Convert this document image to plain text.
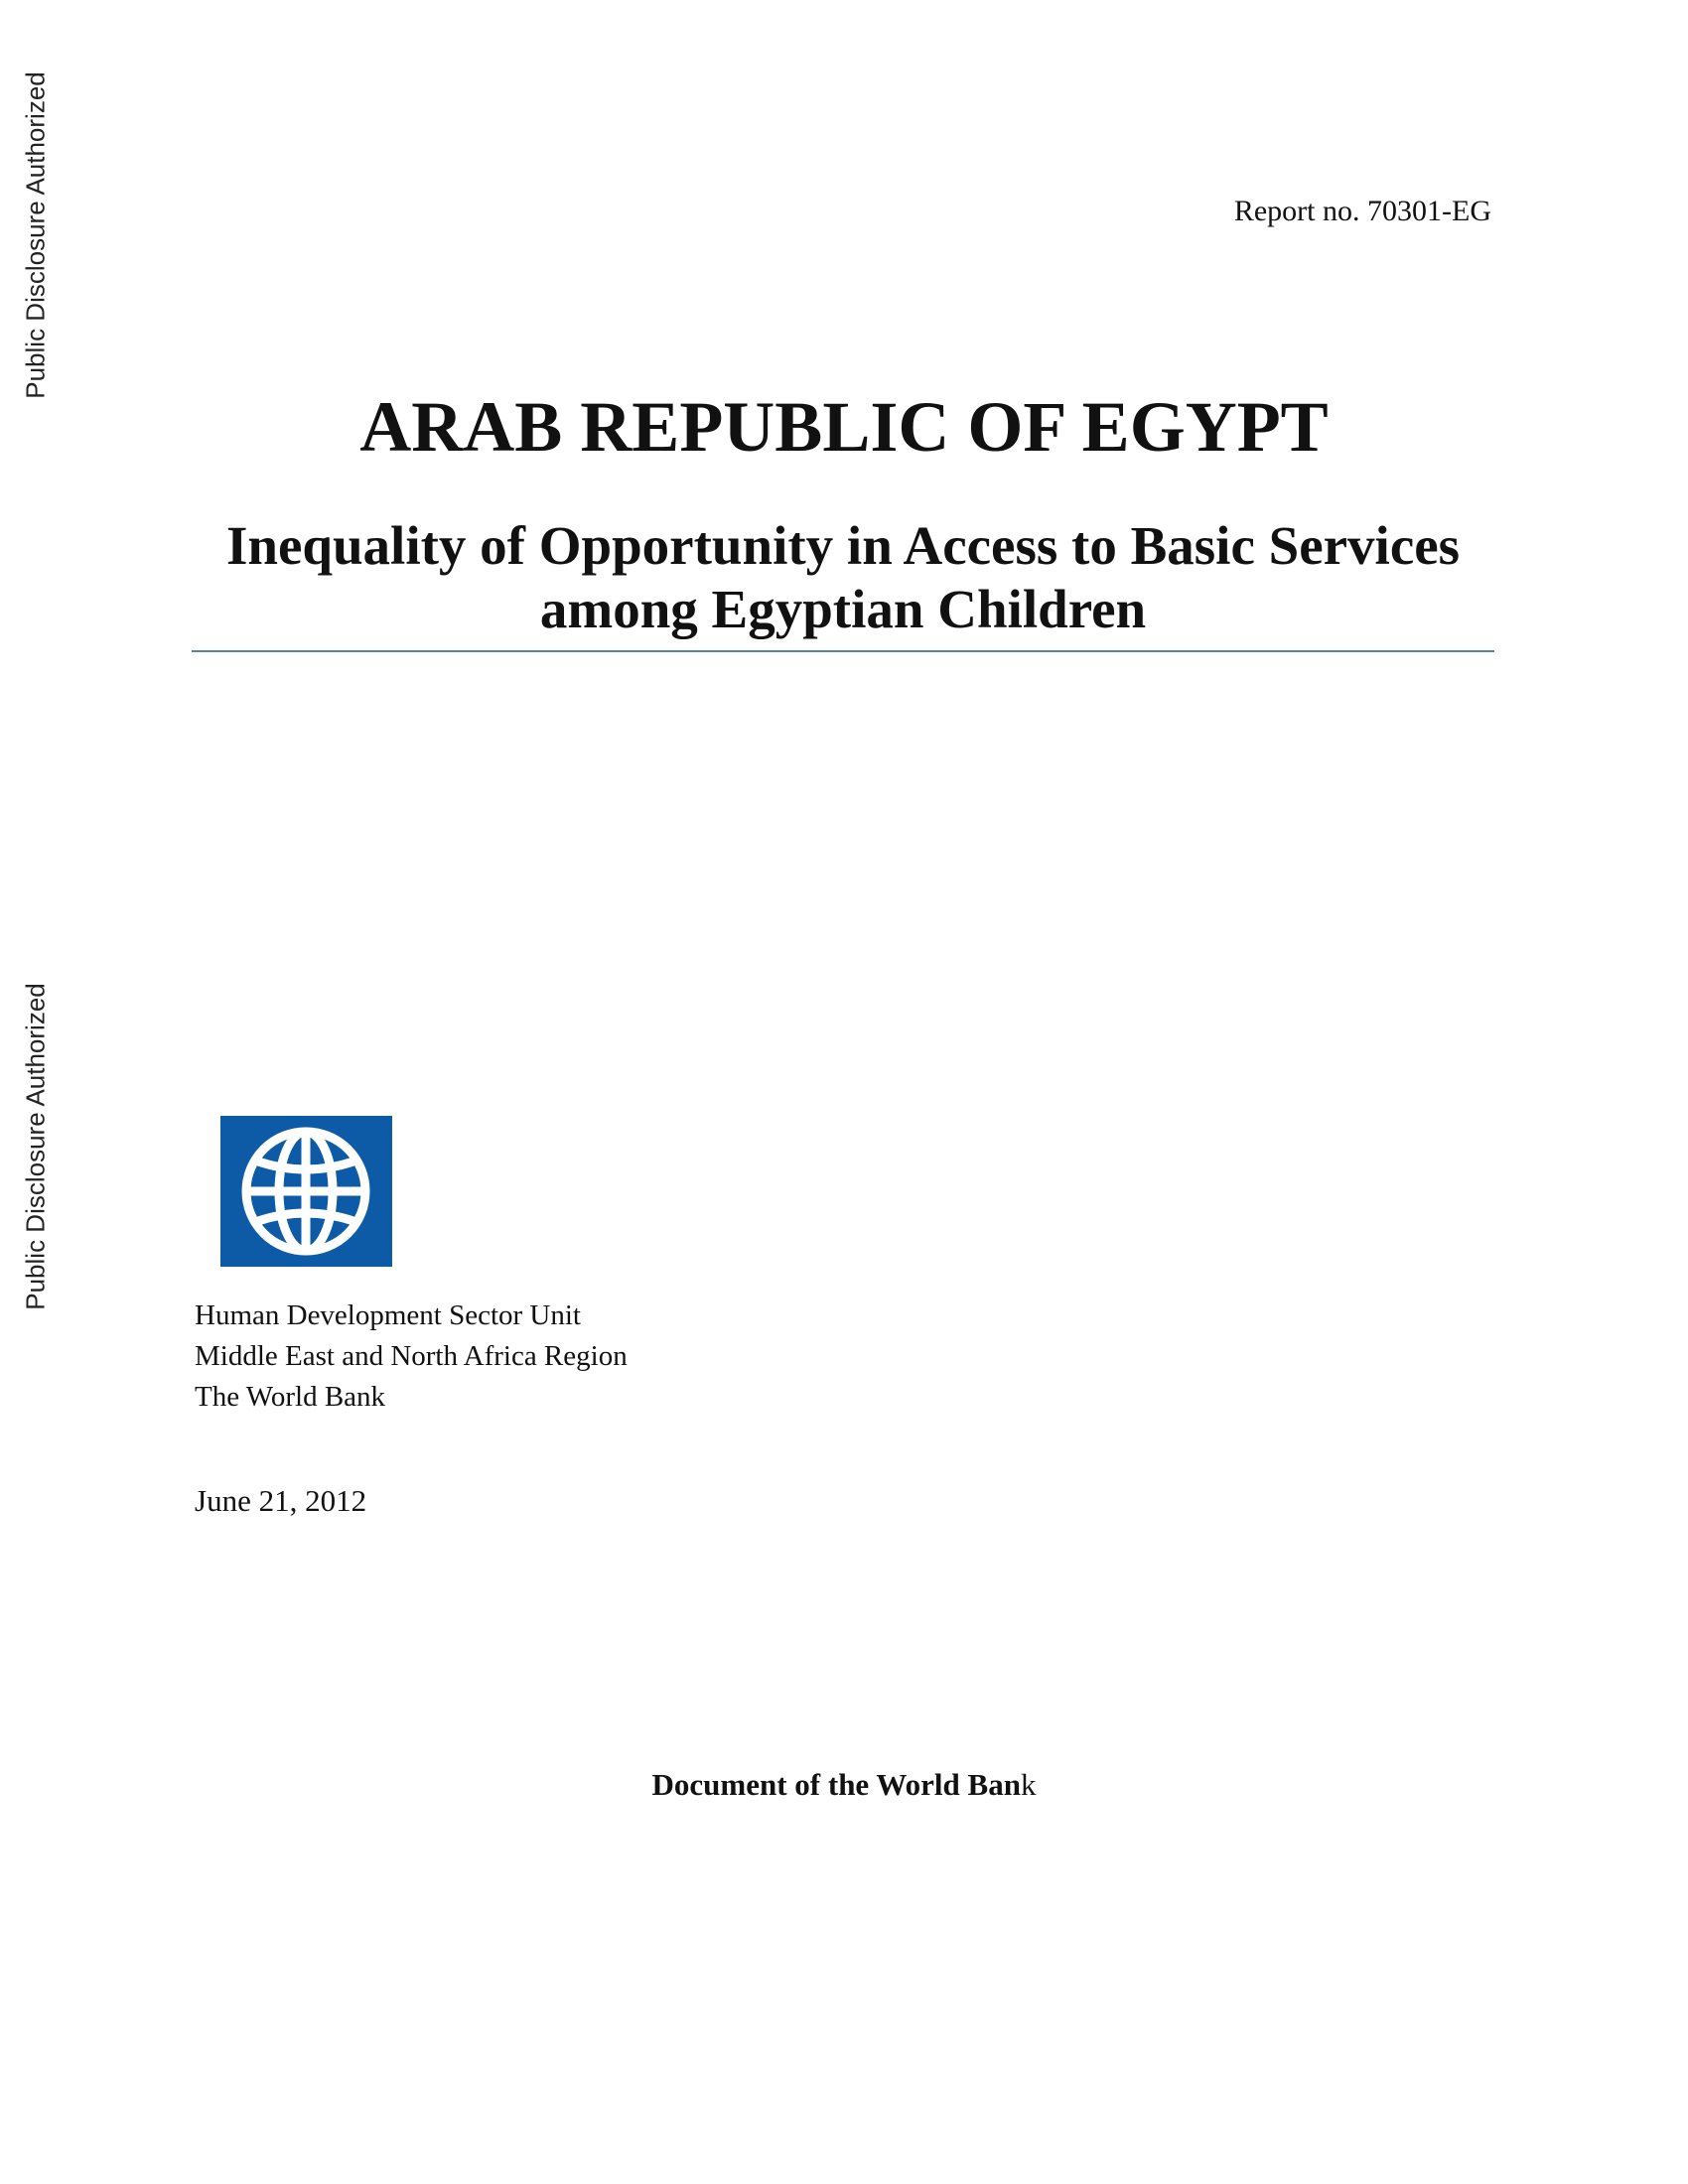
Public Disclosure Authorized
Public Disclosure Authorized
Report no. 70301-EG
ARAB REPUBLIC OF EGYPT
Inequality of Opportunity in Access to Basic Services
among Egyptian Children
Human Development Sector Unit
Middle East and North Africa Region
The World Bank
June 21, 2012
Document of the World Bank
